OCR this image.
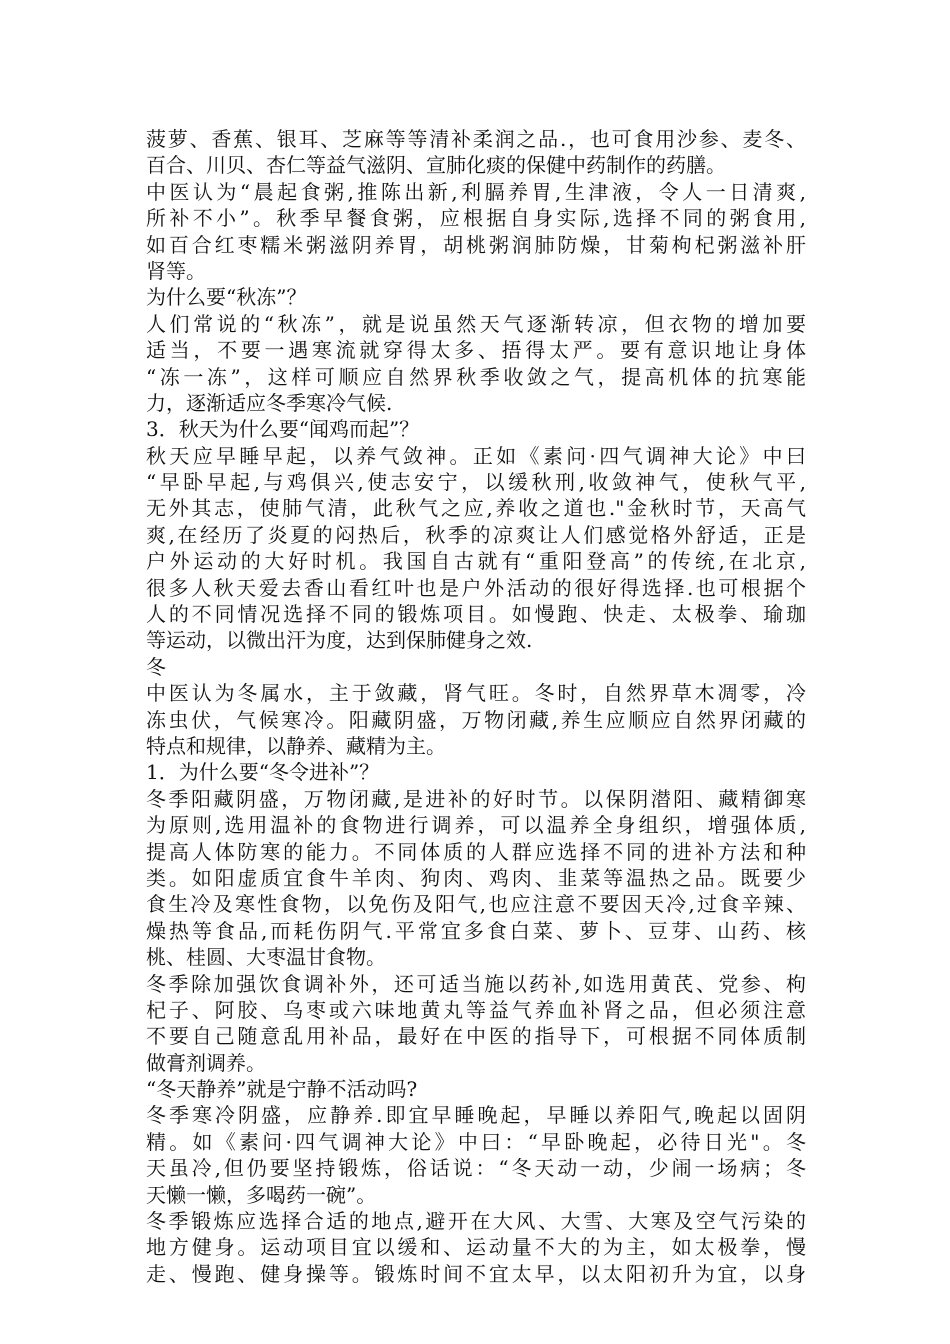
菠萝、香蕉、银耳、芝麻等等清补柔润之品.，也可食用沙参、麦冬、
百合、川贝、杏仁等益气滋阴、宣肺化痰的保健中药制作的药膳。
中医认为“晨起食粥,推陈出新,利膈养胃,生津液，令人一日清爽,
所补不小”。秋季早餐食粥，应根据自身实际,选择不同的粥食用,
如百合红枣糯米粥滋阴养胃，胡桃粥润肺防燥，甘菊枸杞粥滋补肝
肾等。
为什么要“秋冻”？
人们常说的“秋冻”，就是说虽然天气逐渐转凉，但衣物的增加要
适当，不要一遇寒流就穿得太多、捂得太严。要有意识地让身体
“冻一冻”，这样可顺应自然界秋季收敛之气，提高机体的抗寒能
力，逐渐适应冬季寒冷气候.
3．秋天为什么要“闻鸡而起”？
秋天应早睡早起，以养气敛神。正如《素问·四气调神大论》中曰
“早卧早起,与鸡俱兴,使志安宁，以缓秋刑,收敛神气，使秋气平,
无外其志，使肺气清，此秋气之应,养收之道也."金秋时节，天高气
爽,在经历了炎夏的闷热后，秋季的凉爽让人们感觉格外舒适，正是
户外运动的大好时机。我国自古就有“重阳登高”的传统,在北京,
很多人秋天爱去香山看红叶也是户外活动的很好得选择.也可根据个
人的不同情况选择不同的锻炼项目。如慢跑、快走、太极拳、瑜珈
等运动，以微出汗为度，达到保肺健身之效.
冬
中医认为冬属水，主于敛藏，肾气旺。冬时，自然界草木凋零，冷
冻虫伏，气候寒冷。阳藏阴盛，万物闭藏,养生应顺应自然界闭藏的
特点和规律，以静养、藏精为主。
1．为什么要“冬令进补”？
冬季阳藏阴盛，万物闭藏,是进补的好时节。以保阴潜阳、藏精御寒
为原则,选用温补的食物进行调养，可以温养全身组织，增强体质,
提高人体防寒的能力。不同体质的人群应选择不同的进补方法和种
类。如阳虚质宜食牛羊肉、狗肉、鸡肉、韭菜等温热之品。既要少
食生冷及寒性食物，以免伤及阳气,也应注意不要因天冷,过食辛辣、
燥热等食品,而耗伤阴气.平常宜多食白菜、萝卜、豆芽、山药、核
桃、桂圆、大枣温甘食物。
冬季除加强饮食调补外，还可适当施以药补,如选用黄芪、党参、枸
杞子、阿胶、乌枣或六味地黄丸等益气养血补肾之品，但必须注意
不要自己随意乱用补品，最好在中医的指导下，可根据不同体质制
做膏剂调养。
“冬天静养”就是宁静不活动吗?
冬季寒冷阴盛，应静养.即宜早睡晚起，早睡以养阳气,晚起以固阴
精。如《素问·四气调神大论》中曰：“早卧晚起，必待日光"。冬
天虽冷,但仍要坚持锻炼，俗话说：“冬天动一动，少闹一场病；冬
天懒一懒，多喝药一碗”。
冬季锻炼应选择合适的地点,避开在大风、大雪、大寒及空气污染的
地方健身。运动项目宜以缓和、运动量不大的为主，如太极拳，慢
走、慢跑、健身操等。锻炼时间不宜太早，以太阳初升为宜，以身
